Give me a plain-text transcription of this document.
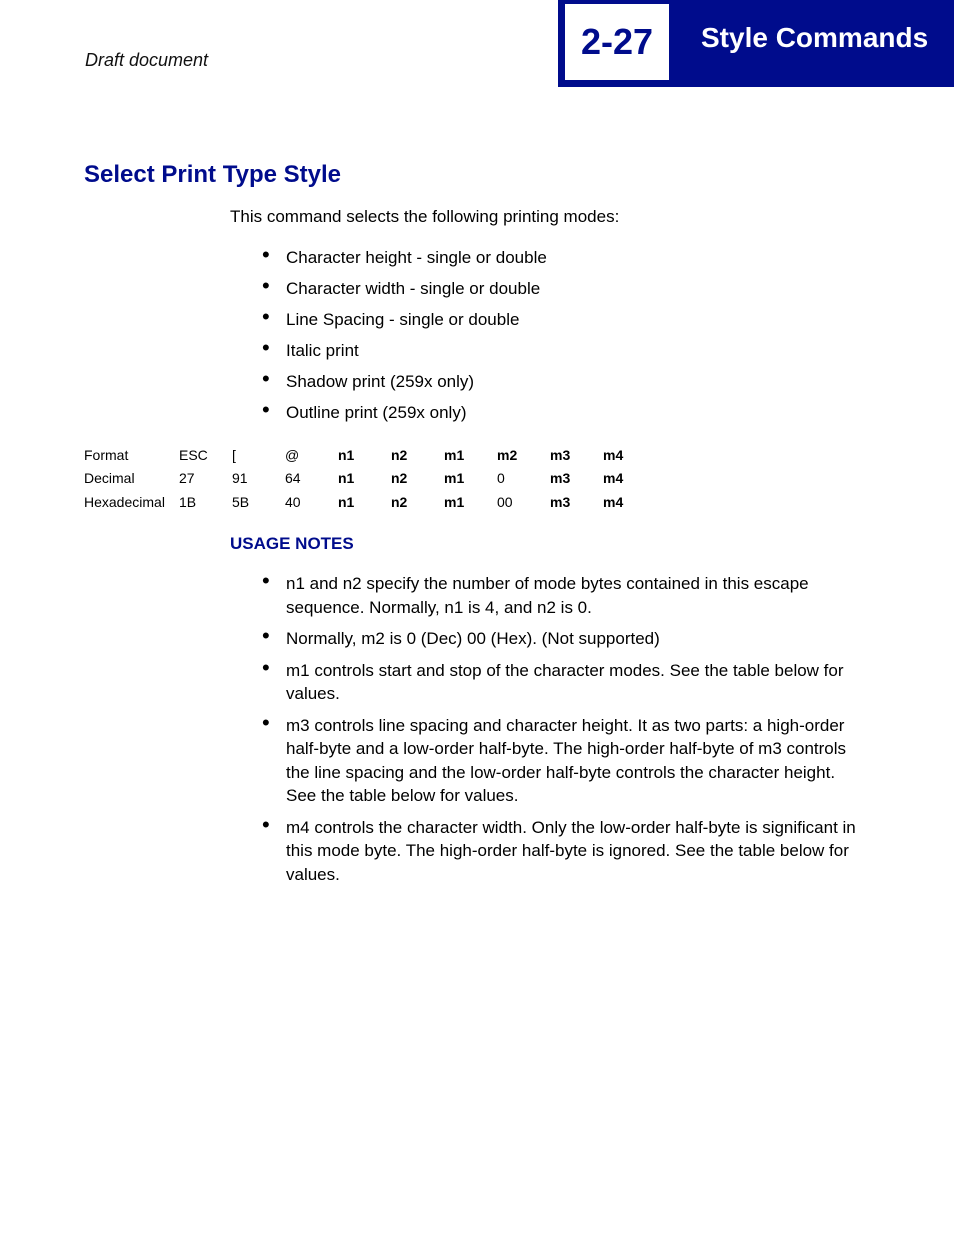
Draft document	2-27 Style Commands
Select Print Type Style
This command selects the following printing modes:
• Character height - single or double
• Character width - single or double
• Line Spacing - single or double
• Italic print
• Shadow print (259x only)
• Outline print (259x only)
Format	ESC	[	@	n1	n2	m1	m2	m3	m4
Decimal	27	91	64	n1	n2	m1	0	m3	m4
Hexadecimal	1B	5B	40	n1	n2	m1	00	m3	m4
USAGE NOTES
• n1 and n2 specify the number of mode bytes contained in this escape sequence. Normally, n1 is 4, and n2 is 0.
• Normally, m2 is 0 (Dec) 00 (Hex). (Not supported)
• m1 controls start and stop of the character modes. See the table below for values.
• m3 controls line spacing and character height. It as two parts: a high-order half-byte and a low-order half-byte. The high-order half-byte of m3 controls the line spacing and the low-order half-byte controls the character height. See the table below for values.
• m4 controls the character width. Only the low-order half-byte is significant in this mode byte. The high-order half-byte is ignored. See the table below for values.
